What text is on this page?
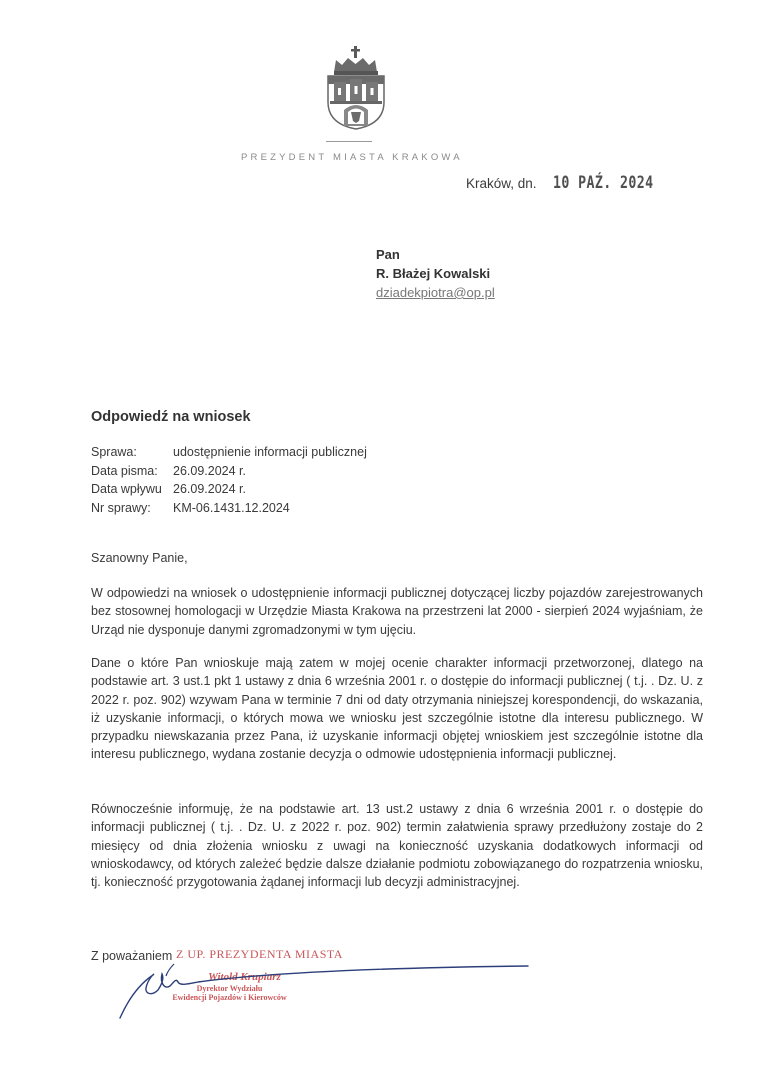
PREZYDENT MIASTA KRAKOWA
Kraków, dn. 10 PAŹ. 2024
Pan
R. Błażej Kowalski
dziadekpiotra@op.pl
Odpowiedź na wniosek
Sprawa:	udostępnienie informacji publicznej
Data pisma:	26.09.2024 r.
Data wpływu 26.09.2024 r.
Nr sprawy:	KM-06.1431.12.2024
Szanowny Panie,
W odpowiedzi na wniosek o udostępnienie informacji publicznej dotyczącej liczby pojazdów zarejestrowanych bez stosownej homologacji w Urzędzie Miasta Krakowa na przestrzeni lat 2000 - sierpień 2024 wyjaśniam, że Urząd nie dysponuje danymi zgromadzonymi w tym ujęciu.
Dane o które Pan wnioskuje mają zatem w mojej ocenie charakter informacji przetworzonej, dlatego na podstawie art. 3 ust.1 pkt 1 ustawy z dnia 6 września 2001 r. o dostępie do informacji publicznej ( t.j. . Dz. U. z 2022 r. poz. 902) wzywam Pana w terminie 7 dni od daty otrzymania niniejszej korespondencji, do wskazania, iż uzyskanie informacji, o których mowa we wniosku jest szczególnie istotne dla interesu publicznego. W przypadku niewskazania przez Pana, iż uzyskanie informacji objętej wnioskiem jest szczególnie istotne dla interesu publicznego, wydana zostanie decyzja o odmowie udostępnienia informacji publicznej.
Równocześnie informuję, że na podstawie art. 13 ust.2 ustawy z dnia 6 września 2001 r. o dostępie do informacji publicznej ( t.j. . Dz. U. z 2022 r. poz. 902) termin załatwienia sprawy przedłużony zostaje do 2 miesięcy od dnia złożenia wniosku z uwagi na konieczność uzyskania dodatkowych informacji od wnioskodawcy, od których zależeć będzie dalsze działanie podmiotu zobowiązanego do rozpatrzenia wniosku, tj. konieczność przygotowania żądanej informacji lub decyzji administracyjnej.
Z UP. PREZYDENTA MIASTA
Witold Krupiarz
Dyrektor Wydziału
Ewidencji Pojazdów i Kierowców
Z poważaniem
